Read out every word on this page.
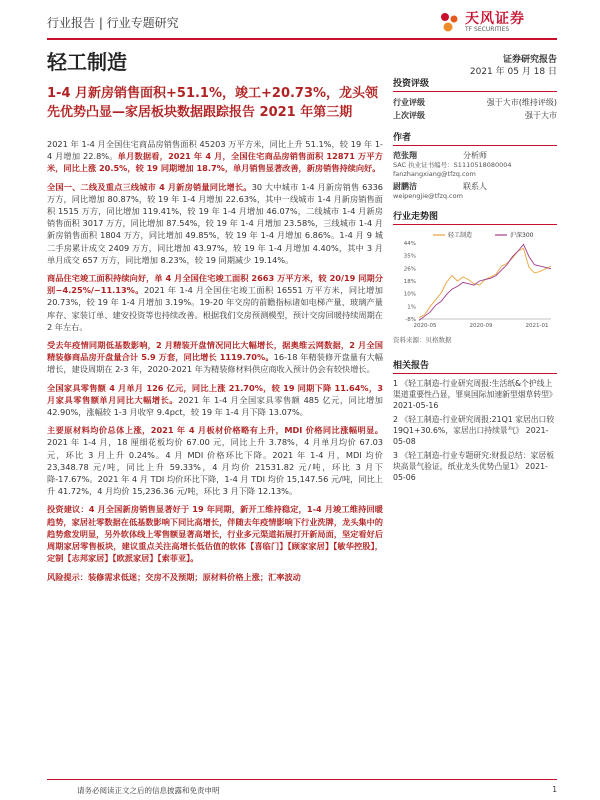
行业报告 | 行业专题研究	天风证券
TF SECURITIES
轻工制造	证券研究报告
2021 年 05 月 18 日
1-4 月新房销售面积+51.1%，竣工+20.73%，龙头领先优势凸显—家居板块数据跟踪报告 2021 年第三期

2021 年 1-4 月全国住宅商品房销售面积 45203 万平方米，同比上升 51.1%，较 19 年 1-4 月增加 22.8%。单月数据看，2021 年 4 月，全国住宅商品房销售面积 12871 万平方米，同比上涨 20.5%，较 19 同期增加 18.7%，单月销售显著改善，新房销售持续向好。

全国一、二线及重点三线城市 4 月新房销量同比增长。30 大中城市 1-4 月新房销售 6336 万方，同比增加 80.87%，较 19 年 1-4 月增加 22.63%，其中一线城市 1-4 月新房销售面积 1515 万方，同比增加 119.41%，较 19 年 1-4 月增加 46.07%，二线城市 1-4 月新房销售面积 3017 万方，同比增加 87.54%，较 19 年 1-4 月增加 23.58%，三线城市 1-4 月新房销售面积 1804 万方，同比增加 49.85%，较 19 年 1-4 月增加 6.86%。1-4 月 9 城二手房累计成交 2409 万方，同比增加 43.97%，较 19 年 1-4 月增加 4.40%，其中 3 月单月成交 657 万方，同比增加 8.23%，较 19 同期减少 19.14%。

商品住宅竣工面积持续向好，单 4 月全国住宅竣工面积 2663 万平方米，较 20/19 同期分别−4.25%/−11.13%。2021 年 1-4 月全国住宅竣工面积 16551 万平方米，同比增加 20.73%，较 19 年 1-4 月增加 3.19%。19-20 年交房的前瞻指标诸如电梯产量、玻璃产量库存、家装订单、建安投资等也持续改善。根据我们交房预测模型，预计交房回暖持续周期在 2 年左右。

受去年疫情同期低基数影响，2 月精装开盘情况同比大幅增长，据奥维云网数据，2 月全国精装修商品房开盘量合计 5.9 万套，同比增长 1119.70%。16-18 年精装修开盘量有大幅增长，建设周期在 2-3 年，2020-2021 年为精装修材料供应商收入预计仍会有较快增长。

全国家具零售额 4 月单月 126 亿元，同比上涨 21.70%，较 19 同期下降 11.64%，3 月家具零售额单月同比大幅增长。2021 年 1-4 月全国家具零售额 485 亿元，同比增加 42.90%，涨幅较 1-3 月收窄 9.4pct，较 19 年 1-4 月下降 13.07%。

主要原材料均价总体上涨，2021 年 4 月板材价格略有上升，MDI 价格同比涨幅明显。2021 年 1-4 月，18 厘细花板均价 67.00 元，同比上升 3.78%，4 月单月均价 67.03 元，环比 3 月上升 0.24%。4 月 MDI 价格环比下降。2021 年 1-4 月，MDI 均价 23,348.78 元/吨，同比上升 59.33%，4 月均价 21531.82 元/吨，环比 3 月下降-17.67%。2021 年 4 月 TDI 均价环比下降，1-4 月 TDI 均价 15,147.56 元/吨，同比上升 41.72%，4 月均价 15,236.36 元/吨，环比 3 月下降 12.13%。

投资建议：4 月全国新房销售显著好于 19 年同期，新开工维持稳定，1-4 月竣工维持回暖趋势，家居社零数据在低基数影响下同比高增长，伴随去年疫情影响下行业洗牌，龙头集中的趋势愈发明显，另外软体线上零售额显著高增长，行业多元渠道拓展打开新局面，坚定看好后周期家居零售板块，建议重点关注高增长低估值的软体【喜临门】【顾家家居】【敏华控股】，定制【志邦家居】【欧派家居】【索菲亚】。

风险提示：装修需求低迷；交房不及预期；原材料价格上涨；汇率波动

投资评级
行业评级	强于大市(维持评级)
上次评级	强于大市
作者
范张翔	分析师
SAC 执业证书编号：S1110518080004
fanzhangxiang@tfzq.com
尉鹏洁	联系人
weipengjie@tfzq.com
行业走势图
-8%
1%
10%
18%
26%
35%
44%
2020-05	2020-09	2021-01
轻工制造	沪深300
资料来源：贝格数据
相关报告
1 《轻工制造-行业研究周报:生活纸&个护线上渠道重要性凸显，罪臭国际加速新型烟草转型》 2021-05-16
2 《轻工制造-行业研究周报:21Q1 家居出口较 19Q1+30.6%，家居出口持续景气》 2021-05-08
3 《轻工制造-行业专题研究:财报总结：家居板块高景气验证，纸业龙头优势凸显1》 2021-05-06
请务必阅读正文之后的信息披露和免责申明	1
